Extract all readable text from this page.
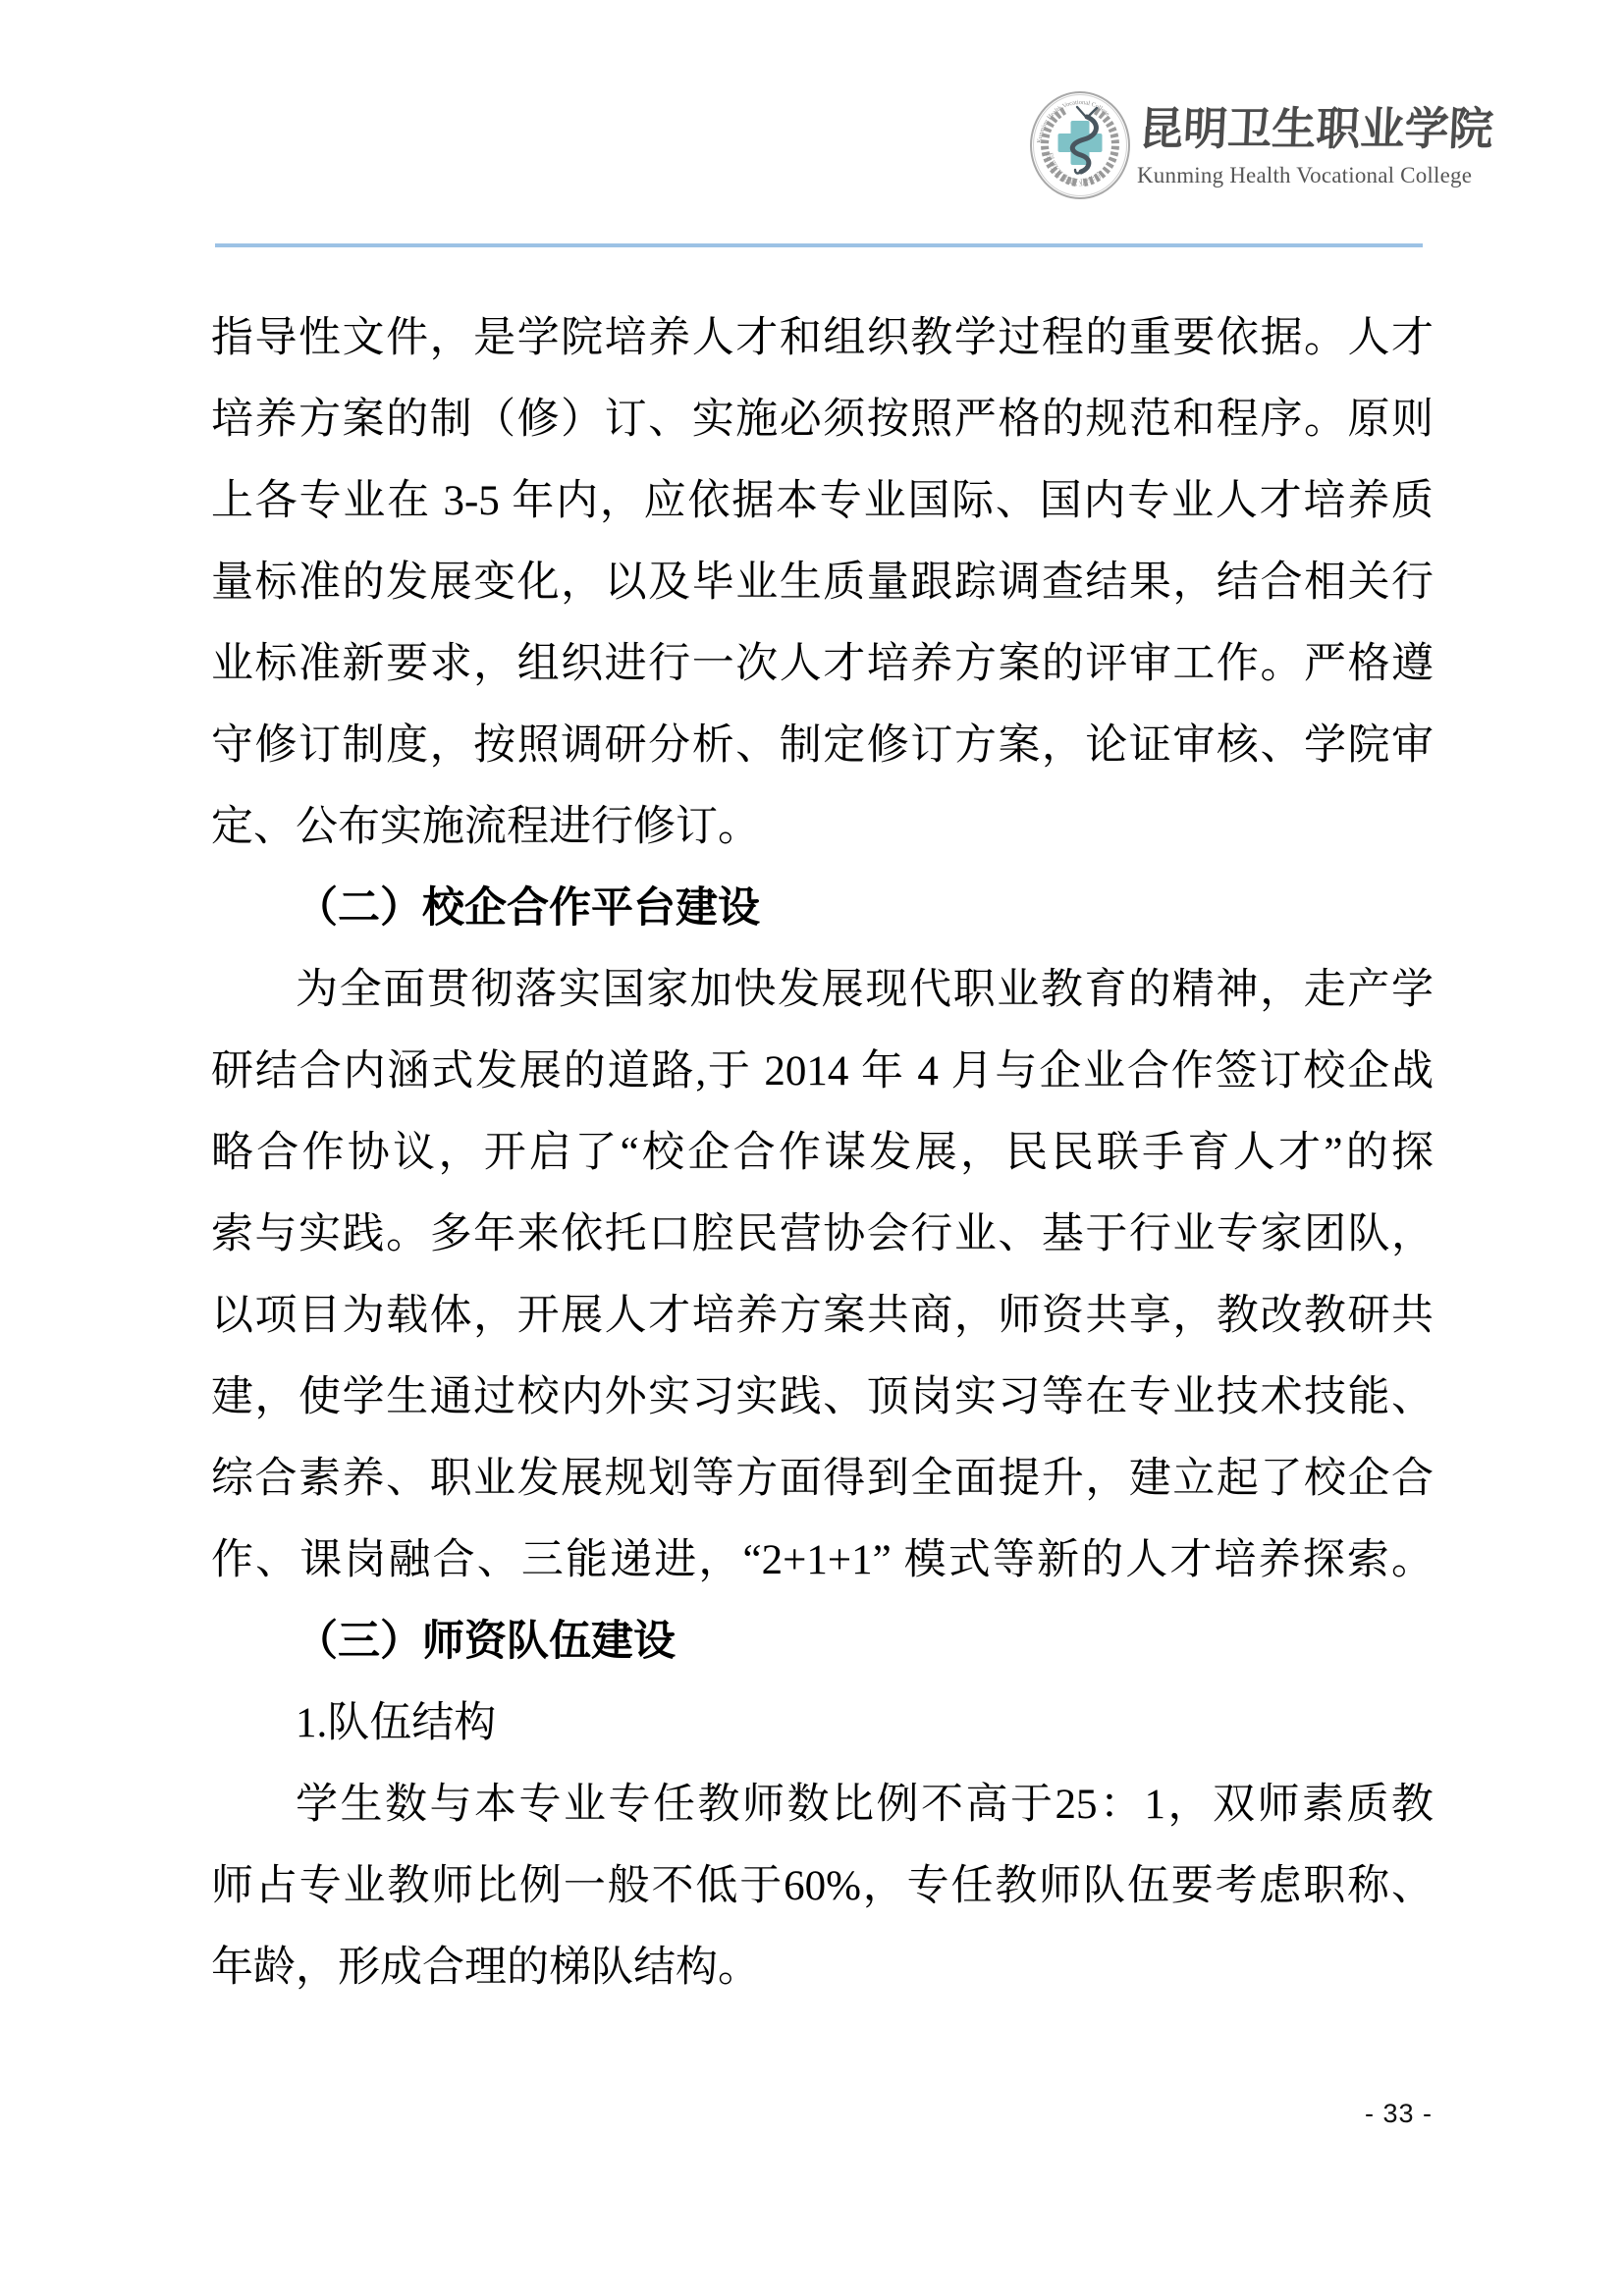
Kunming Health Vocational College
昆明卫生职业学院
昆明卫生职业学院
Kunming Health Vocational College
指导性文件，是学院培养人才和组织教学过程的重要依据。人才
培养方案的制（修）订、实施必须按照严格的规范和程序。原则
上各专业在 3-5 年内，应依据本专业国际、国内专业人才培养质
量标准的发展变化，以及毕业生质量跟踪调查结果，结合相关行
业标准新要求，组织进行一次人才培养方案的评审工作。严格遵
守修订制度，按照调研分析、制定修订方案，论证审核、学院审
定、公布实施流程进行修订。
（二）校企合作平台建设
为全面贯彻落实国家加快发展现代职业教育的精神，走产学
研结合内涵式发展的道路,于 2014 年 4 月与企业合作签订校企战
略合作协议，开启了“校企合作谋发展，民民联手育人才”的探
索与实践。多年来依托口腔民营协会行业、基于行业专家团队，
以项目为载体，开展人才培养方案共商，师资共享，教改教研共
建，使学生通过校内外实习实践、顶岗实习等在专业技术技能、
综合素养、职业发展规划等方面得到全面提升，建立起了校企合
作、课岗融合、三能递进，“2+1+1” 模式等新的人才培养探索。
（三）师资队伍建设
1.队伍结构
学生数与本专业专任教师数比例不高于25：1，双师素质教
师占专业教师比例一般不低于60%，专任教师队伍要考虑职称、
年龄，形成合理的梯队结构。
- 33 -
